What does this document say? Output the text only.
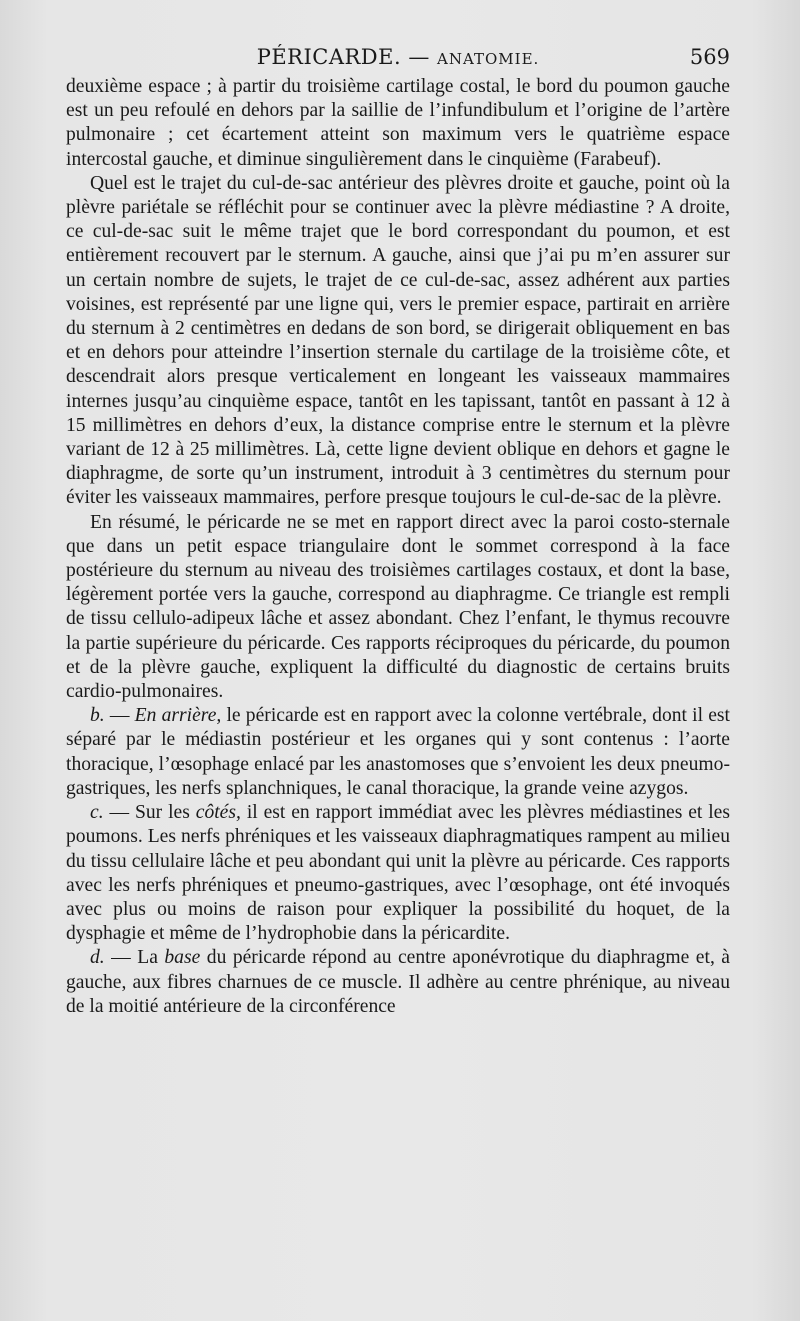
PÉRICARDE. — ANATOMIE.	569

deuxième espace ; à partir du troisième cartilage costal, le bord du poumon gauche est un peu refoulé en dehors par la saillie de l’infundibulum et l’origine de l’artère pulmonaire ; cet écartement atteint son maximum vers le quatrième espace intercostal gauche, et diminue singulièrement dans le cinquième (Farabeuf).

Quel est le trajet du cul-de-sac antérieur des plèvres droite et gauche, point où la plèvre pariétale se réfléchit pour se continuer avec la plèvre médiastine ? A droite, ce cul-de-sac suit le même trajet que le bord correspondant du poumon, et est entièrement recouvert par le sternum. A gauche, ainsi que j’ai pu m’en assurer sur un certain nombre de sujets, le trajet de ce cul-de-sac, assez adhérent aux parties voisines, est représenté par une ligne qui, vers le premier espace, partirait en arrière du sternum à 2 centimètres en dedans de son bord, se dirigerait obliquement en bas et en dehors pour atteindre l’insertion sternale du cartilage de la troisième côte, et descendrait alors presque verticalement en longeant les vaisseaux mammaires internes jusqu’au cinquième espace, tantôt en les tapissant, tantôt en passant à 12 à 15 millimètres en dehors d’eux, la distance comprise entre le sternum et la plèvre variant de 12 à 25 millimètres. Là, cette ligne devient oblique en dehors et gagne le diaphragme, de sorte qu’un instrument, introduit à 3 centimètres du sternum pour éviter les vaisseaux mammaires, perfore presque toujours le cul-de-sac de la plèvre.

En résumé, le péricarde ne se met en rapport direct avec la paroi costo-sternale que dans un petit espace triangulaire dont le sommet correspond à la face postérieure du sternum au niveau des troisièmes cartilages costaux, et dont la base, légèrement portée vers la gauche, correspond au diaphragme. Ce triangle est rempli de tissu cellulo-adipeux lâche et assez abondant. Chez l’enfant, le thymus recouvre la partie supérieure du péricarde. Ces rapports réciproques du péricarde, du poumon et de la plèvre gauche, expliquent la difficulté du diagnostic de certains bruits cardio-pulmonaires.

b. — En arrière, le péricarde est en rapport avec la colonne vertébrale, dont il est séparé par le médiastin postérieur et les organes qui y sont contenus : l’aorte thoracique, l’œsophage enlacé par les anastomoses que s’envoient les deux pneumo-gastriques, les nerfs splanchniques, le canal thoracique, la grande veine azygos.

c. — Sur les côtés, il est en rapport immédiat avec les plèvres médiastines et les poumons. Les nerfs phréniques et les vaisseaux diaphragmatiques rampent au milieu du tissu cellulaire lâche et peu abondant qui unit la plèvre au péricarde. Ces rapports avec les nerfs phréniques et pneumo-gastriques, avec l’œsophage, ont été invoqués avec plus ou moins de raison pour expliquer la possibilité du hoquet, de la dysphagie et même de l’hydrophobie dans la péricardite.

d. — La base du péricarde répond au centre aponévrotique du diaphragme et, à gauche, aux fibres charnues de ce muscle. Il adhère au centre phrénique, au niveau de la moitié antérieure de la circonférence
